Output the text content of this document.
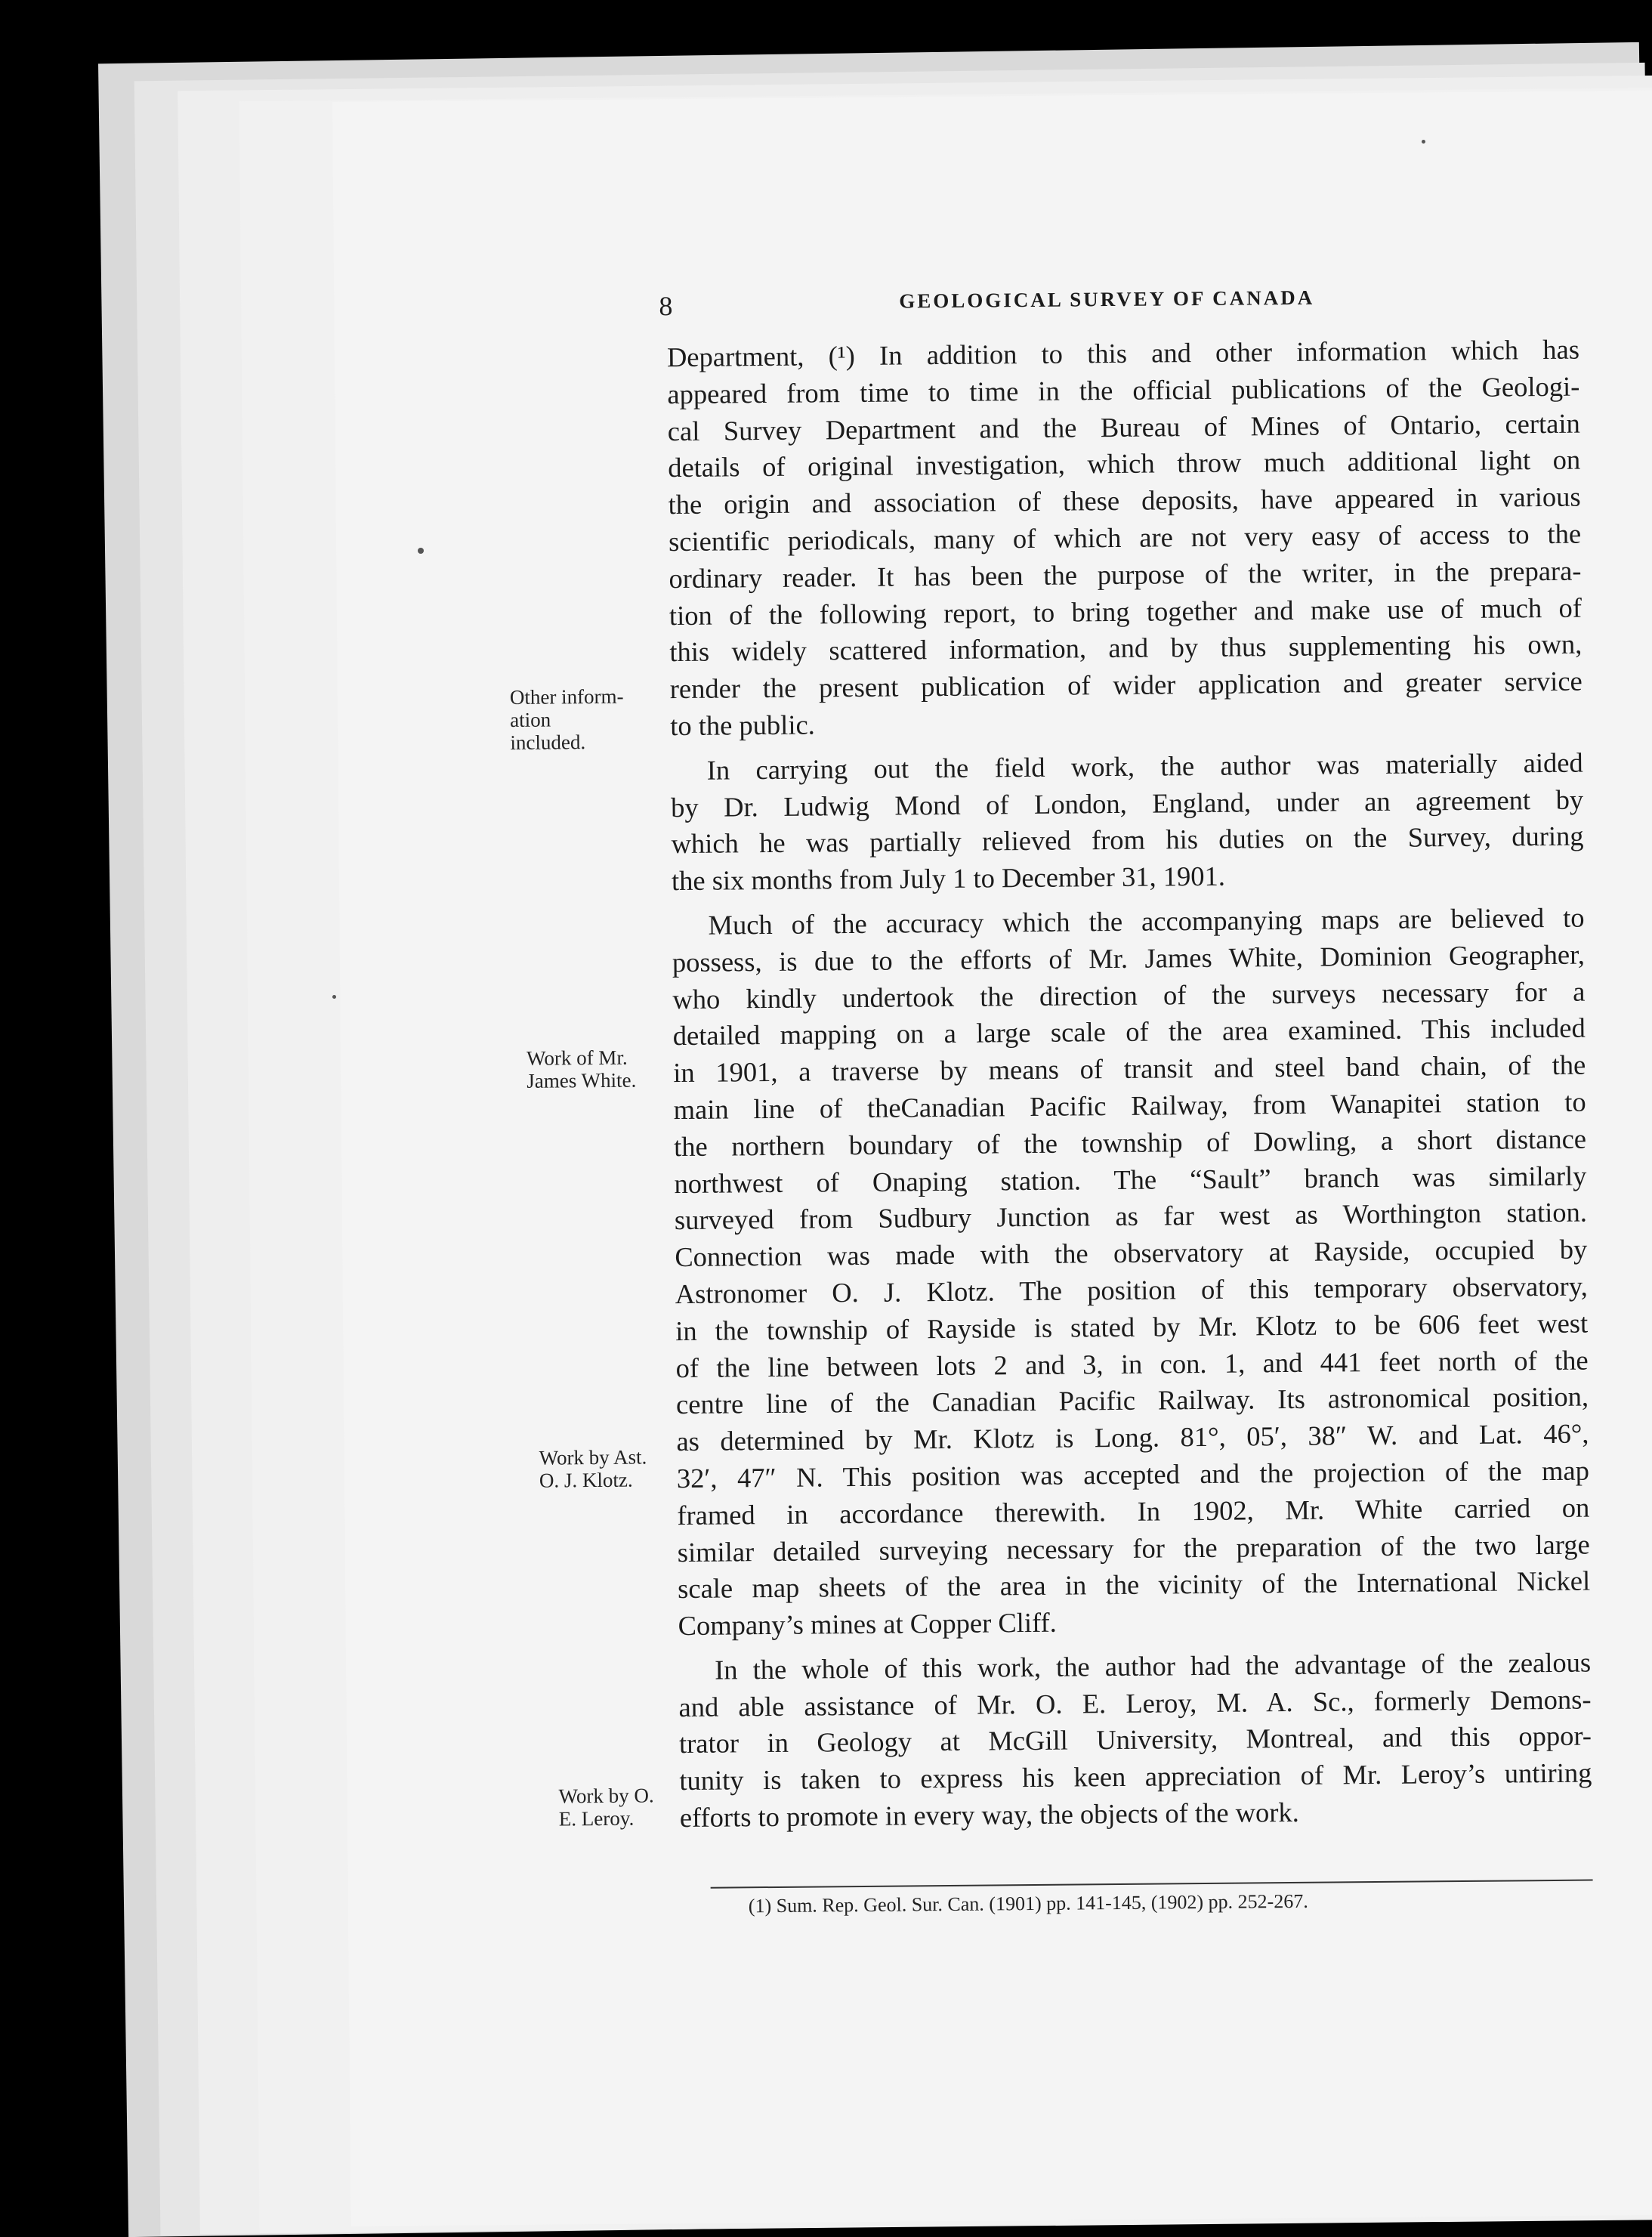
8	GEOLOGICAL SURVEY OF CANADA
Other inform-
ation
included.
Work of Mr.
James White.
Work by Ast.
O. J. Klotz.
Work by O.
E. Leroy.
Department, (¹) In addition to this and other information which has
appeared from time to time in the official publications of the Geologi-
cal Survey Department and the Bureau of Mines of Ontario, certain
details of original investigation, which throw much additional light on
the origin and association of these deposits, have appeared in various
scientific periodicals, many of which are not very easy of access to the
ordinary reader. It has been the purpose of the writer, in the prepara-
tion of the following report, to bring together and make use of much of
this widely scattered information, and by thus supplementing his own,
render the present publication of wider application and greater service
to the public.
In carrying out the field work, the author was materially aided
by Dr. Ludwig Mond of London, England, under an agreement by
which he was partially relieved from his duties on the Survey, during
the six months from July 1 to December 31, 1901.
Much of the accuracy which the accompanying maps are believed to
possess, is due to the efforts of Mr. James White, Dominion Geographer,
who kindly undertook the direction of the surveys necessary for a
detailed mapping on a large scale of the area examined. This included
in 1901, a traverse by means of transit and steel band chain, of the
main line of theCanadian Pacific Railway, from Wanapitei station to
the northern boundary of the township of Dowling, a short distance
northwest of Onaping station. The “Sault” branch was similarly
surveyed from Sudbury Junction as far west as Worthington station.
Connection was made with the observatory at Rayside, occupied by
Astronomer O. J. Klotz. The position of this temporary observatory,
in the township of Rayside is stated by Mr. Klotz to be 606 feet west
of the line between lots 2 and 3, in con. 1, and 441 feet north of the
centre line of the Canadian Pacific Railway. Its astronomical position,
as determined by Mr. Klotz is Long. 81°, 05′, 38″ W. and Lat. 46°,
32′, 47″ N. This position was accepted and the projection of the map
framed in accordance therewith. In 1902, Mr. White carried on
similar detailed surveying necessary for the preparation of the two large
scale map sheets of the area in the vicinity of the International Nickel
Company’s mines at Copper Cliff.
In the whole of this work, the author had the advantage of the zealous
and able assistance of Mr. O. E. Leroy, M. A. Sc., formerly Demons-
trator in Geology at McGill University, Montreal, and this oppor-
tunity is taken to express his keen appreciation of Mr. Leroy’s untiring
efforts to promote in every way, the objects of the work.
(1) Sum. Rep. Geol. Sur. Can. (1901) pp. 141-145, (1902) pp. 252-267.
